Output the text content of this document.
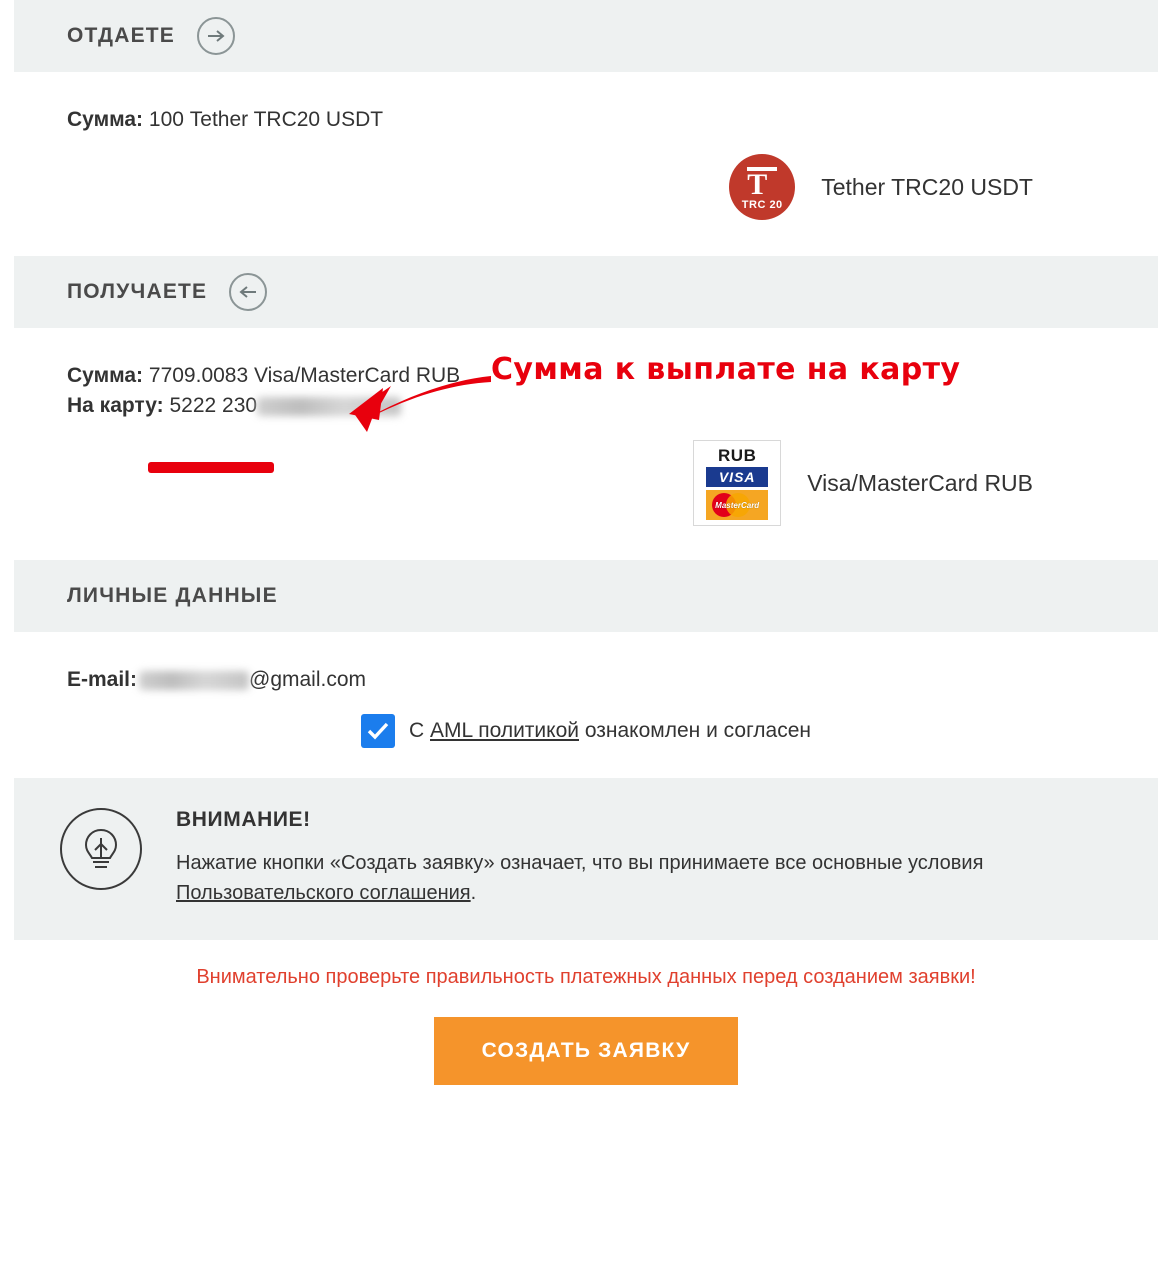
ОТДАЕТЕ
Сумма: 100 Tether TRC20 USDT
T
TRC 20
Tether TRC20 USDT
ПОЛУЧАЕТЕ
Сумма: 7709.0083 Visa/MasterCard RUB
На карту: 5222 230
RUB
VISA
MasterCard
Visa/MasterCard RUB
ЛИЧНЫЕ ДАННЫЕ
E-mail:	@gmail.com
С AML политикой ознакомлен и согласен
ВНИМАНИЕ!
Нажатие кнопки «Создать заявку» означает, что вы принимаете все основные условия Пользовательского соглашения.
Внимательно проверьте правильность платежных данных перед созданием заявки!
СОЗДАТЬ ЗАЯВКУ
Сумма к выплате на карту
